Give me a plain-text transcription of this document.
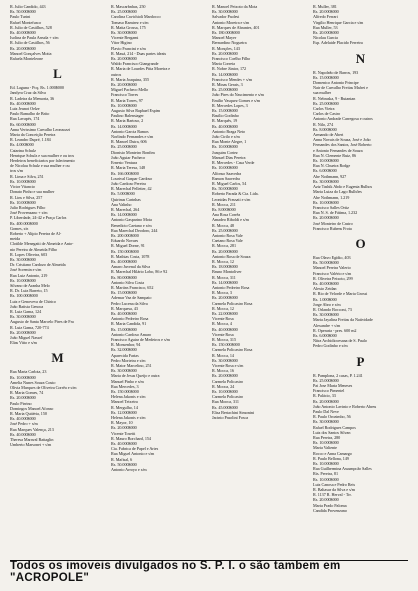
R. Julio Candido, 443
Rs. 50.000$000
Paulo Turini
Rafael Montefusco
R. Julio de Castilhos, 528
Rs. 40.000$000
Isolina de Paula Arruda + s/m
R. Julio de Castilhos, 56
Rs. 20.000$000
Manoel Gonçalves Motta
Rafaela Monteleone
L
Ed. Laguna - Pcq. Rs. 1.000$000
Jandyra Cruz da Silva
R. Ladeira da Memoria, 36
Rs. 40.000$000
Luiz Jeunot Oelze
Paulo Ramalho de Brito
Rua Lavapés, 174
Rs. 60.000$000
Anna Verissimo Carvalho Leonzozzi
Maria da Conceição Pereira
R. Leandro Dupré, 1.184
Rs. 4.000$000
Catarina Schulz
Henrique Schulz e sua mulher e ou tros
Herdeiros beneficiarios por falecimento
de Nicolau Schulz e sua mulher e ou
tros s/m
R. Lima e Silva, 251
Rs. 10.000$000
Victor Vitancio
Donato Pinho e sua mulher
R. Lins e Silva, 257
Rs. 10.000$000
Julio Rodrigues Filho
José Provenzano + s/m
P. Liberdade, 24-42 e Praça Carlos
Rs. 400.000$000
Gomes, s/n
Roberto + Alípio Pereira de Al-
meida
Clotilde Menegatti de Almeida e Anto-
nio Pereira de Almeida Filho
R. Lopes Oliveira, 603
Rs. 30.000$000
Dr. Cristiano Cardozo de Almeida
José Scremin e s/m
Rua Luiz Antonio, 219
Rs. 10.000$000
Silvano de Aranha Melo
R. Dr. Luiz Barreto, 15
Rs. 100.000$000
Luiz e Genoveva de Chirico
João Batista Genoca
R. Luiz Gama, 124
Rs. 30.000$000
Augusto de Santa Marcelo Pires de Fra
R. Luiz Gama, 720-774
Rs. 20.000$000
João Miguel Nassef
Elias Vitto e s/m
M
Rua Maria Carlota, 23
Rs. 10.000$000
Amelia Nunes Souza Couto
Olivia Marques de Oliveira Corrêa e s/m
R. Maria Gomes, 74
Rs. 20.000$000
Paulo Pirrino
Domingos Manoel Afonso
R. Maria Quitéria, 150
Rs. 40.000$000
José Pedro + s/m
Rua Marques Valença, 213
Rs. 40.000$000
Theresa Maraval Battaglin
Umberto Marsonet + s/m
R. Mascarbnhas, 250
Rs. 25.000$000
Carolina Cavichioli Mardocco
Tomaso Ramirez e s/m
R. Matta Grossa, 175
Rs. 30.000$000
Vicente Bergami
Vitor Higino
Flavio Francini e s/m
R. Mauá, 214 - Duas partes ideais
Rs. 20.000$000
Waldo Francisco Giangrande
R. Maria de Lourdes Pitta Moreira e
outros
R. Maria Joaquina, 355
Rs. 20.000$000
Miguel Pacheco Mello
Francisco Torres
R. Maria Torres, 97
Rs. 10.000$000
Augusto Silva Raphael Espim
Paulino Balensiager
R. Maria Bartoso, 2
Rs. 14.000$000
Antonio Garcia Ramos
Norlindo Fernandes e s/m
R. Manoel Dutra, 606
Rs. 25.000$000
Dionisio Monteiro Bonfim
João Aguiar Pacheco
Ernesto Ventura
R. Maria Teresa, 148
Rs. 166.000$000
Lourival Gaspar Cardoso
João Cardozo Pereira
R. Marechal Pelletier, 42
Rs. 5.000$000
Quirinus Carinhas
Ana Valinho
R. Marechal, 264
Rs. 14.000$000
Antonio Gasparino Mota
Benedicto Caetano e s/m
Rua Marechal Deodoro, 244
Rs. 200.000$000
Eduardo Novaes
R. Miguel Dorne, 91
Rs. 150.000$000
R. Mathias Costa, 1078
Rs. 40.000$000
Amaro Juvenal da Silva
R. Marechal Hilário Lobo, 86 e 92
Rs. 80.000$000
Antonio Silva Costa
R. Martins Francisco, 652
Rs. 15.000$000
Ademar Vaz de Sampaio
Pedro Lucena da Silva
R. Marquesa, 43
Rs. 40.000$000
Antonio Pedreiro Rosa
R. Maria Candida, 91
Rs. 15.000$000
Antonio Cardoso Amaro
Francisco Aguiar de Medeiros e s/m
R. Monsenhor, 94
Rs. 32.000$000
Aparecida Farias
Pedro Morteira e s/m
R. Maior Marcelino, 251
Rs. 30.000$000
Maria de Jesus Queijo e outra
Manuel Pinho e s/m
Rua Mercedes, 3
Rs. 150.000$000
Helena Jakonis e s/m
Manoel Teixeira
R. Mergulho, 14
Rs. 12.000$000
Helena Jakonis e s/m
R. Mayor, 10
Rs. 20.000$000
Vicente Tosetti
R. Mauro Borchard, 154
Rs. 40.000$000
Cia. Fabrica de Papel e Artes
Rua Miguel Antonio e s/m
R. Mafisal, 6
Rs. 50.000$000
Antonio Arroyo e s/m
R. Manoel Peixoto da Mota
Rs. 30.000$000
Salvador Paolesi
Antonio Moreira e s/m
R. Marques de Abrantes, 401
Rs. 180.000$000
Manoel Mayer
Bernardino Nogueira
R. Monções, 143
Rs. 20.000$000
Francisco Coelho Filho
Maria Correia
R. Nobre Júnior, 172
Rs. 14.000$000
Francisco Mendes + s/m
R. Minas Gerais, 3
Rs. 25.000$000
João Pires do Nascimento e s/m
Emilio Vasquez Gomes e s/m
R. Mercedes Lopes, 3
Rs. 15.000$000
Basilio Godinho
R. Marquês, 19
Rs. 40.000$000
Antonio Braga Neto
João Cirilo e s/m
Rua Monte Alegre, 1
Rs. 10.000$000
Joaquim Cortez
Manuel Dias Pereira
R. Mercedes - Casa Verde
Rs. 10.000$000
Alfonso Saavedra
Ramon Saavedra
R. Miguel Carlos, 54
Rs. 50.000$000
Roberto Parada & Cia. Ltda.
Leonidas Frassati e s/m
R. Mocca, 211
Rs. 8.000$000
Ana Rosa Corrêa
Amadeo Riboldi e s/m
R. Mocca, 48
Rs. 25.000$000
Antonio Rosa Vale
Caetano Rosa Vale
R. Mocca, 281
Rs. 20.000$000
Antonio Rosa de Souza
R. Mocca, 12
Rs. 18.000$000
Bruno Montoliver
R. Mocca, 311
Rs. 14.000$000
Antonio Pedreiro Rosa
R. Mocca, 3
Rs. 20.000$000
Carmela Policastro Rosa
R. Mocca, 12
Rs. 22.000$000
Vicente Rosa
R. Mocca, 4
Rs. 40.000$000
Vicente Rosa
R. Mocca, 315
Rs. 150.000$000
Carmela Policastro Rosa
R. Mocca, 14
Rs. 30.000$000
Vicente Rosa e s/m
R. Mocca, 16
Rs. 20.000$000
Carmela Policastro
R. Mooca, 24
Rs. 10.000$000
Carmela Policastro
Rua Mooca, 311
Rs. 45.000$000
Elisa Bertachini Simonini
Jacinto Pasolini Fosca
R. Muller, 381
Rs. 20.000$000
Alfredo Ferrari
Virgilio Henrique Garcia e s/m
Rua Muller, 53
Rs. 20.000$000
Nicolau Garcia
Esp. Adelaide Placido Ferreira
N
R. Napoleão de Barros, 193
Rs. 15.000$000
Domenico Antonio Principe
Nair de Carvalho Freitas Mafrei e
sua mulher
R. Nebraska, 9 - Butantan
Rs. 25.000$000
Carlos Vieira
Carlos de Castro
Antonio Andrade Carregosa e outros
R. Nilo, 274
Rs. 8.000$000
Armando de Aberi
Anna Novais de Souza, José e João
Fernandes dos Santos, José Roberto
e Antonio Fernandes de Souza
Rua N. Clemente Ruiz, 86
Rs. 10.000$000
Rua N. Chueira Rodge
Rs. 6.000$000
Abe Nothmann, 927
Rs. 30.000$000
Aziz Tashik Abdo e Eugenia Bulhos
Maria Luiza do Lago Bulhões
Abe Nothmann, 1.219
Rs. 10.000$000
Francisco Salles Ortiz
Rua N. S. de Fátima, 1.232
Rs. 20.000$000
José Monteiro de Castro
Francisco Rubens Frota
O
Rua Olavo Egídio, 403
Rs. 50.000$000
Manoel Pereira Valerio
Francisco Valério e s/m
R. Oliveira Peixoto, 299
Rs. 40.000$000
Alexio Zeidan
R. Rio de Velorde e Maria Grossi
Rs. 1.000$000
Jorge Abro e s/m
R. Orlando Bocconi, 73
Rs. 30.000$000
Maria Jayalina Freitas da Natividade
Alexandre + s/m
R. Operaria - pres. 600 m2
Rs. 6.000$000
Nitra Archidiocesana de S. Paulo
Pedro Godinho e s/m
P
R. Pamplona, 2 casas, P. 1.241
Rs. 25.000$000
Pai Jose Maria Meneses
Francisco Pimentel
R. Palácio, 33
Rs. 20.000$000
João Antonio Lavinio e Roberto Abreu
Paulo Dal Neve
R. Paulo Orozimbo, 56
Rs. 30.000$000
Rafael Rodrigues Campos
Luiz dos Santos Silvan
Rua Pereira, 280
Rs. 10.000$000
Maria Valiente
Rocco e Anna Camargo
R. Paulo Bellona, 149
Rs. 10.000$000
Rua Guilhermina Assumpcão Salles
Ris. Pereira, 81
Rs. 10.000$000
Luiz Canosa e Pedro Reis
R. Baltasar da Silva e s/m
R. 1137 R. Herval - Trr.
Rs. 20.000$000
Maria Prado Paloma
Candida Provenzano
Todos os imoveis divulgados no S. P. I. o são tambem em "ACROPOLE"
